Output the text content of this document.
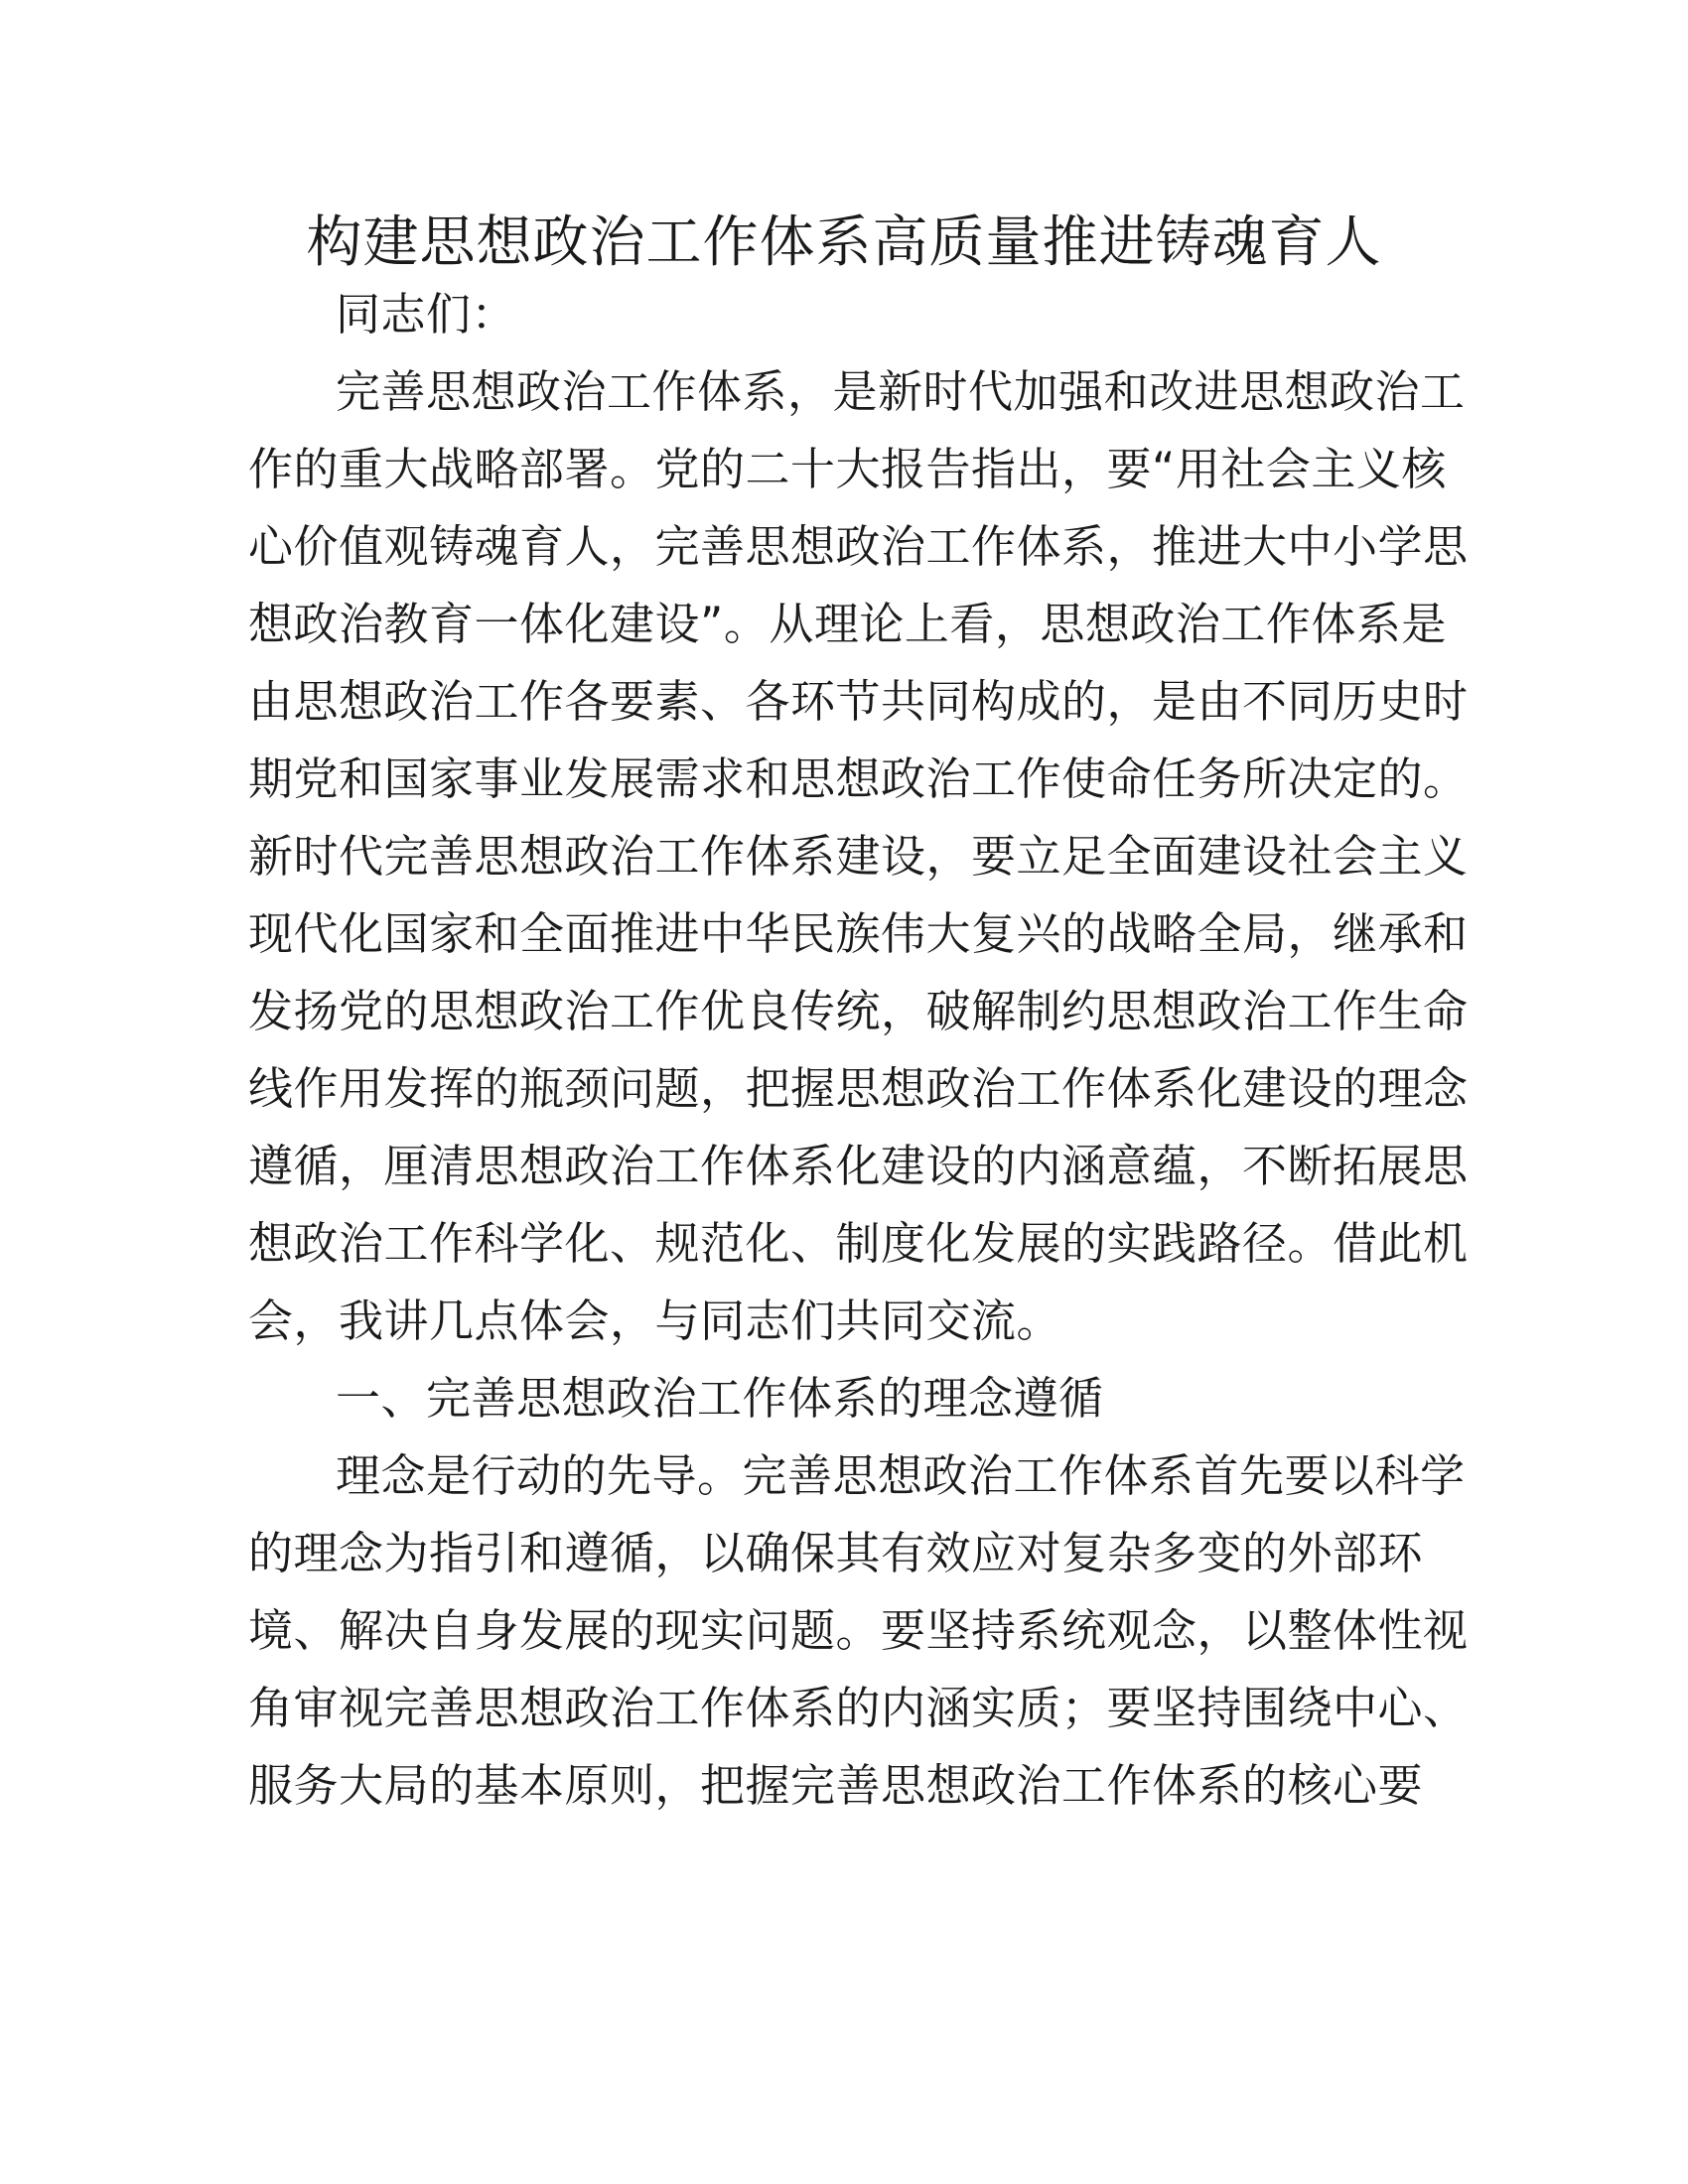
构建思想政治工作体系高质量推进铸魂育人
同志们：
完善思想政治工作体系，是新时代加强和改进思想政治工
作的重大战略部署。党的二十大报告指出，要“用社会主义核
心价值观铸魂育人，完善思想政治工作体系，推进大中小学思
想政治教育一体化建设”。从理论上看，思想政治工作体系是
由思想政治工作各要素、各环节共同构成的，是由不同历史时
期党和国家事业发展需求和思想政治工作使命任务所决定的。
新时代完善思想政治工作体系建设，要立足全面建设社会主义
现代化国家和全面推进中华民族伟大复兴的战略全局，继承和
发扬党的思想政治工作优良传统，破解制约思想政治工作生命
线作用发挥的瓶颈问题，把握思想政治工作体系化建设的理念
遵循，厘清思想政治工作体系化建设的内涵意蕴，不断拓展思
想政治工作科学化、规范化、制度化发展的实践路径。借此机
会，我讲几点体会，与同志们共同交流。
一、完善思想政治工作体系的理念遵循
理念是行动的先导。完善思想政治工作体系首先要以科学
的理念为指引和遵循，以确保其有效应对复杂多变的外部环
境、解决自身发展的现实问题。要坚持系统观念，以整体性视
角审视完善思想政治工作体系的内涵实质；要坚持围绕中心、
服务大局的基本原则，把握完善思想政治工作体系的核心要
